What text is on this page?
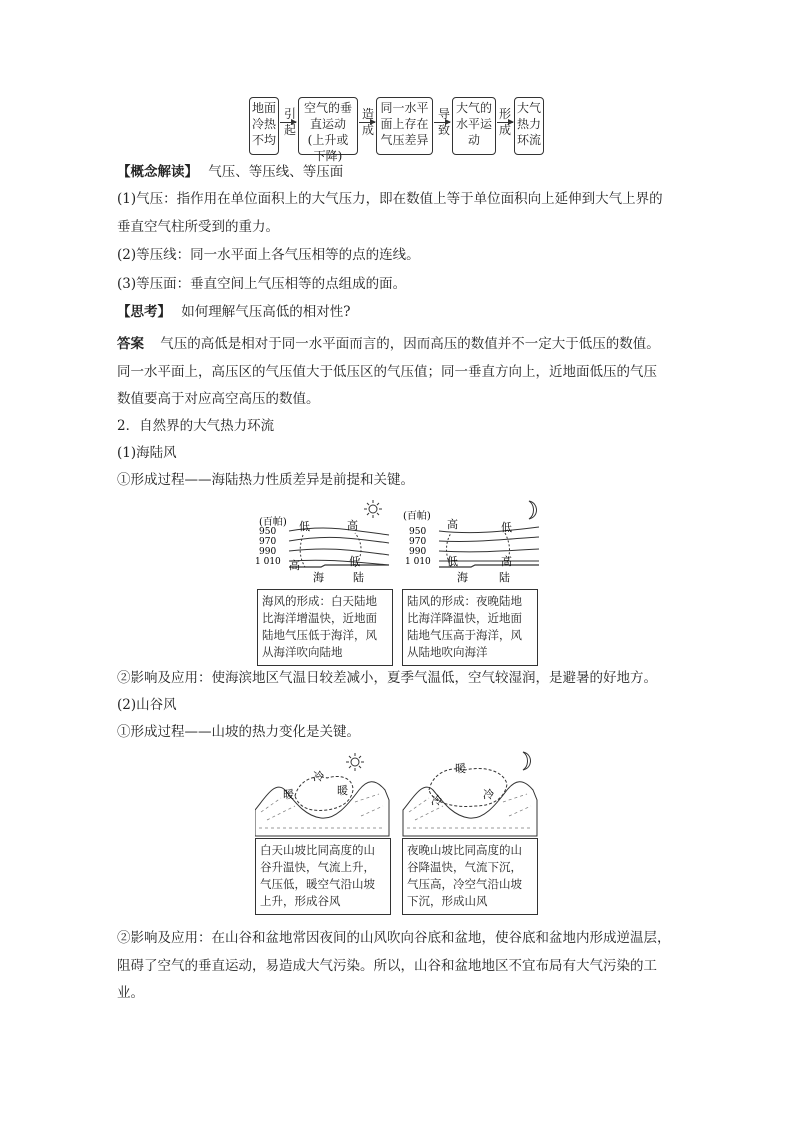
地面冷热不均
引起
空气的垂直运动(上升或下降)
造成
同一水平面上存在气压差异
导致
大气的水平运动
形成
大气热力环流
【概念解读】 气压、等压线、等压面
(1)气压：指作用在单位面积上的大气压力，即在数值上等于单位面积向上延伸到大气上界的
垂直空气柱所受到的重力。
(2)等压线：同一水平面上各气压相等的点的连线。
(3)等压面：垂直空间上气压相等的点组成的面。
【思考】 如何理解气压高低的相对性?
答案 气压的高低是相对于同一水平面而言的，因而高压的数值并不一定大于低压的数值。
同一水平面上，高压区的气压值大于低压区的气压值；同一垂直方向上，近地面低压的气压
数值要高于对应高空高压的数值。
2．自然界的大气热力环流
(1)海陆风
①形成过程——海陆热力性质差异是前提和关键。
(百帕)
950
970
990
1 010
低	高
高	低
海	陆
(百帕)
950
970
990
1 010
高	低
低	高
海	陆
海风的形成：白天陆地比海洋增温快，近地面陆地气压低于海洋，风从海洋吹向陆地
陆风的形成：夜晚陆地比海洋降温快，近地面陆地气压高于海洋，风从陆地吹向海洋
②影响及应用：使海滨地区气温日较差减小，夏季气温低，空气较湿润，是避暑的好地方。
(2)山谷风
①形成过程——山坡的热力变化是关键。
冷
暖	暖
暖
冷	冷
白天山坡比同高度的山谷升温快，气流上升，气压低，暖空气沿山坡上升，形成谷风
夜晚山坡比同高度的山谷降温快，气流下沉，气压高，冷空气沿山坡下沉，形成山风
②影响及应用：在山谷和盆地常因夜间的山风吹向谷底和盆地，使谷底和盆地内形成逆温层，
阻碍了空气的垂直运动，易造成大气污染。所以，山谷和盆地地区不宜布局有大气污染的工
业。
